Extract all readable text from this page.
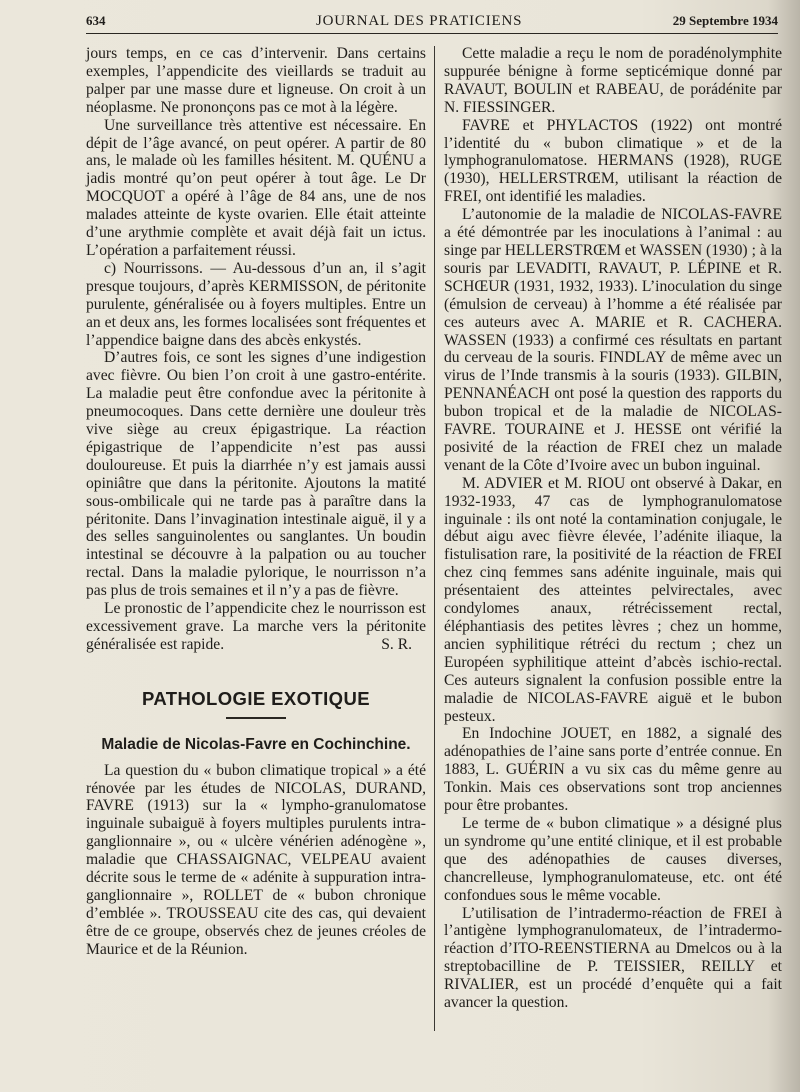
634	JOURNAL DES PRATICIENS	29 Septembre 1934

jours temps, en ce cas d’intervenir. Dans certains exemples, l’appendicite des vieillards se traduit au palper par une masse dure et ligneuse. On croit à un néoplasme. Ne prononçons pas ce mot à la légère.

Une surveillance très attentive est nécessaire. En dépit de l’âge avancé, on peut opérer. A partir de 80 ans, le malade où les familles hésitent. M. QUÉNU a jadis montré qu’on peut opérer à tout âge. Le Dr MOCQUOT a opéré à l’âge de 84 ans, une de nos malades atteinte de kyste ovarien. Elle était atteinte d’une arythmie complète et avait déjà fait un ictus. L’opération a parfaitement réussi.

c) Nourrissons. — Au-dessous d’un an, il s’agit presque toujours, d’après KERMISSON, de péritonite purulente, généralisée ou à foyers multiples. Entre un an et deux ans, les formes localisées sont fréquentes et l’appendice baigne dans des abcès enkystés.

D’autres fois, ce sont les signes d’une indigestion avec fièvre. Ou bien l’on croit à une gastro-entérite. La maladie peut être confondue avec la péritonite à pneumocoques. Dans cette dernière une douleur très vive siège au creux épigastrique. La réaction épigastrique de l’appendicite n’est pas aussi douloureuse. Et puis la diarrhée n’y est jamais aussi opiniâtre que dans la péritonite. Ajoutons la matité sous-ombilicale qui ne tarde pas à paraître dans la péritonite. Dans l’invagination intestinale aiguë, il y a des selles sanguinolentes ou sanglantes. Un boudin intestinal se découvre à la palpation ou au toucher rectal. Dans la maladie pylorique, le nourrisson n’a pas plus de trois semaines et il n’y a pas de fièvre.

Le pronostic de l’appendicite chez le nourrisson est excessivement grave. La marche vers la péritonite généralisée est rapide.	S. R.
PATHOLOGIE EXOTIQUE
Maladie de Nicolas-Favre en Cochinchine.

La question du « bubon climatique tropical » a été rénovée par les études de NICOLAS, DURAND, FAVRE (1913) sur la « lympho-granulomatose inguinale subaiguë à foyers multiples purulents intra-ganglionnaire », ou « ulcère vénérien adénogène », maladie que CHASSAIGNAC, VELPEAU avaient décrite sous le terme de « adénite à suppuration intra-ganglionnaire », ROLLET de « bubon chronique d’emblée ». TROUSSEAU cite des cas, qui devaient être de ce groupe, observés chez de jeunes créoles de Maurice et de la Réunion.

Cette maladie a reçu le nom de poradénolymphite suppurée bénigne à forme septicémique donné par RAVAUT, BOULIN et RABEAU, de porádénite par N. FIESSINGER.

FAVRE et PHYLACTOS (1922) ont montré l’identité du « bubon climatique » et de la lymphogranulomatose. HERMANS (1928), RUGE (1930), HELLERSTRŒM, utilisant la réaction de FREI, ont identifié les maladies.

L’autonomie de la maladie de NICOLAS-FAVRE a été démontrée par les inoculations à l’animal : au singe par HELLERSTRŒM et WASSEN (1930) ; à la souris par LEVADITI, RAVAUT, P. LÉPINE et R. SCHŒUR (1931, 1932, 1933). L’inoculation du singe (émulsion de cerveau) à l’homme a été réalisée par ces auteurs avec A. MARIE et R. CACHERA. WASSEN (1933) a confirmé ces résultats en partant du cerveau de la souris. FINDLAY de même avec un virus de l’Inde transmis à la souris (1933). GILBIN, PENNANÉACH ont posé la question des rapports du bubon tropical et de la maladie de NICOLAS-FAVRE. TOURAINE et J. HESSE ont vérifié la posivité de la réaction de FREI chez un malade venant de la Côte d’Ivoire avec un bubon inguinal.

M. ADVIER et M. RIOU ont observé à Dakar, en 1932-1933, 47 cas de lymphogranulomatose inguinale : ils ont noté la contamination conjugale, le début aigu avec fièvre élevée, l’adénite iliaque, la fistulisation rare, la positivité de la réaction de FREI chez cinq femmes sans adénite inguinale, mais qui présentaient des atteintes pelvirectales, avec condylomes anaux, rétrécissement rectal, éléphantiasis des petites lèvres ; chez un homme, ancien syphilitique rétréci du rectum ; chez un Européen syphilitique atteint d’abcès ischio-rectal. Ces auteurs signalent la confusion possible entre la maladie de NICOLAS-FAVRE aiguë et le bubon pesteux.

En Indochine JOUET, en 1882, a signalé des adénopathies de l’aine sans porte d’entrée connue. En 1883, L. GUÉRIN a vu six cas du même genre au Tonkin. Mais ces observations sont trop anciennes pour être probantes.

Le terme de « bubon climatique » a désigné plus un syndrome qu’une entité clinique, et il est probable que des adénopathies de causes diverses, chancrelleuse, lymphogranulomateuse, etc. ont été confondues sous le même vocable.

L’utilisation de l’intradermo-réaction de FREI à l’antigène lymphogranulomateux, de l’intradermo-réaction d’ITO-REENSTIERNA au Dmelcos ou à la streptobacilline de P. TEISSIER, REILLY et RIVALIER, est un procédé d’enquête qui a fait avancer la question.
